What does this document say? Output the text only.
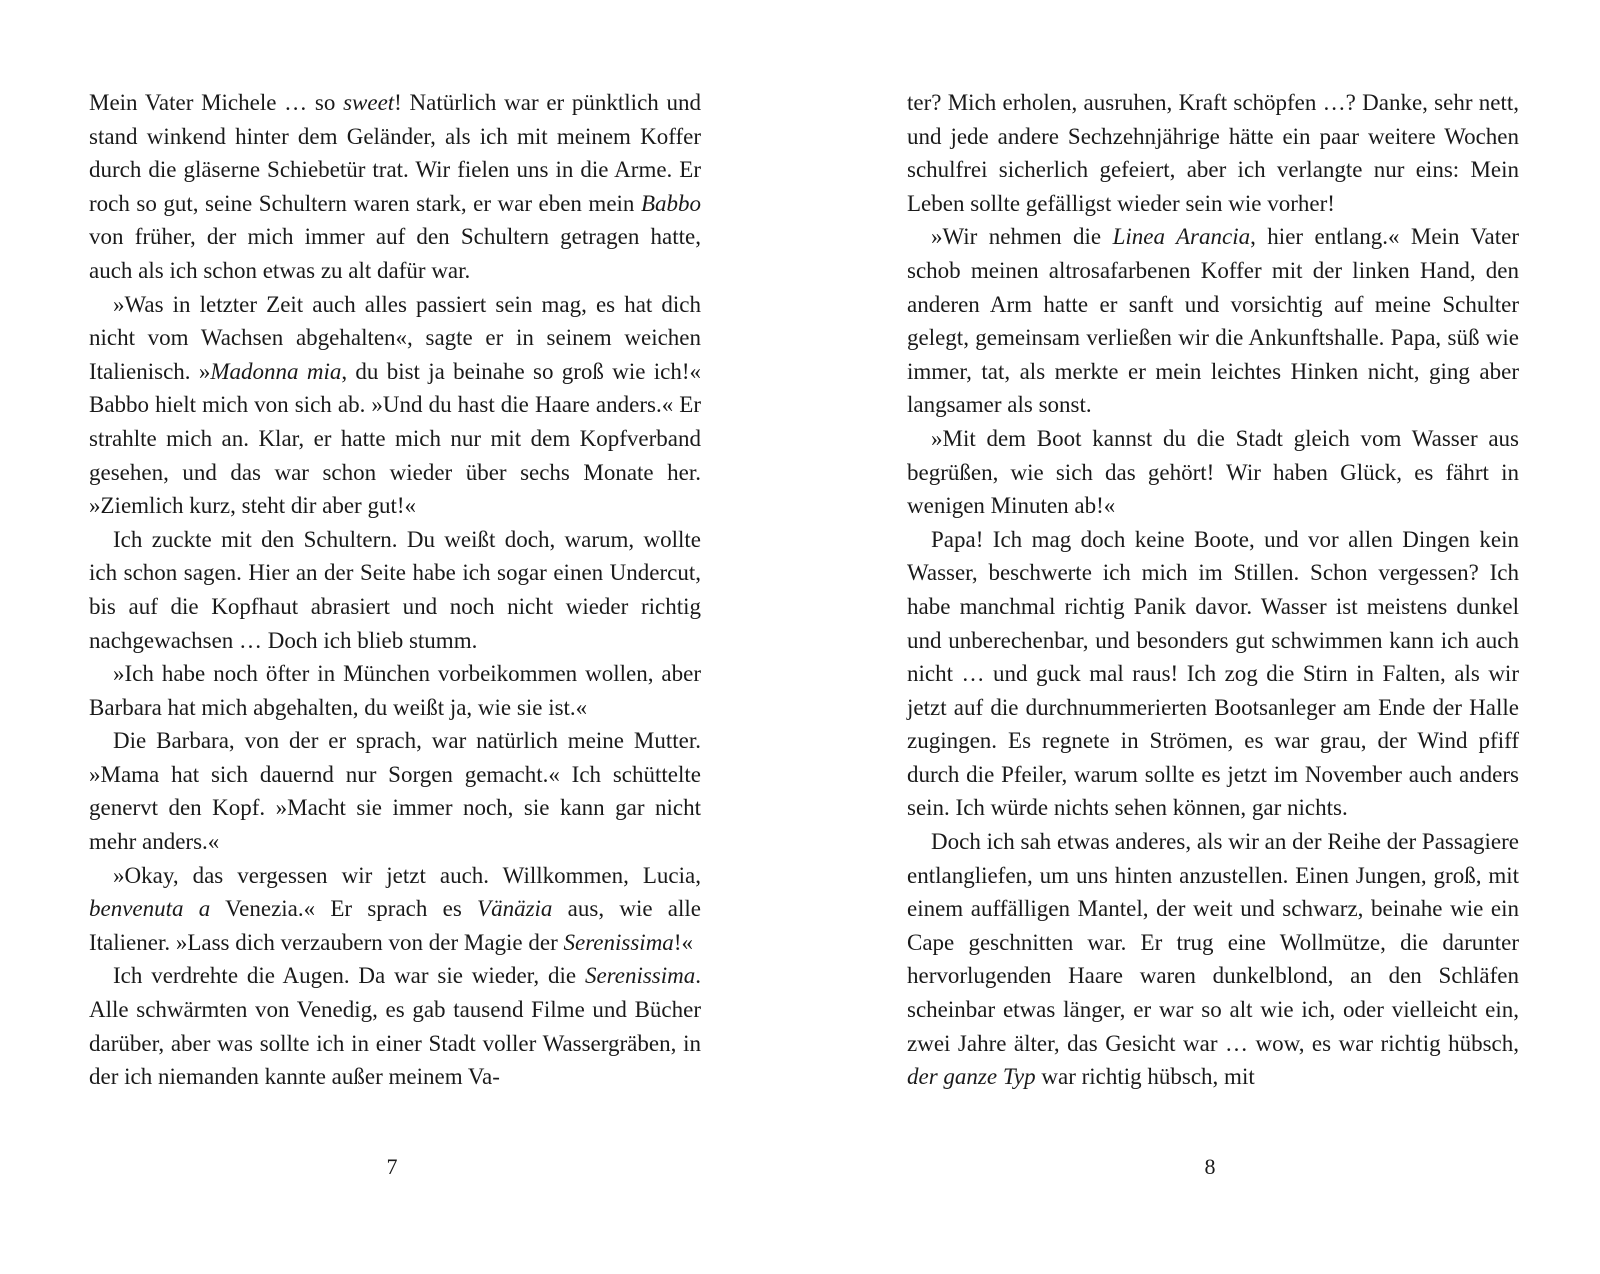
Mein Vater Michele … so sweet! Natürlich war er pünktlich und stand winkend hinter dem Geländer, als ich mit meinem Koffer durch die gläserne Schiebetür trat. Wir fielen uns in die Arme. Er roch so gut, seine Schultern waren stark, er war eben mein Babbo von früher, der mich immer auf den Schultern getragen hatte, auch als ich schon etwas zu alt dafür war.

»Was in letzter Zeit auch alles passiert sein mag, es hat dich nicht vom Wachsen abgehalten«, sagte er in seinem weichen Italienisch. »Madonna mia, du bist ja beinahe so groß wie ich!« Babbo hielt mich von sich ab. »Und du hast die Haare anders.« Er strahlte mich an. Klar, er hatte mich nur mit dem Kopfverband gesehen, und das war schon wieder über sechs Monate her. »Ziemlich kurz, steht dir aber gut!«

Ich zuckte mit den Schultern. Du weißt doch, warum, wollte ich schon sagen. Hier an der Seite habe ich sogar einen Undercut, bis auf die Kopfhaut abrasiert und noch nicht wieder richtig nachgewachsen … Doch ich blieb stumm.

»Ich habe noch öfter in München vorbeikommen wollen, aber Barbara hat mich abgehalten, du weißt ja, wie sie ist.«

Die Barbara, von der er sprach, war natürlich meine Mutter. »Mama hat sich dauernd nur Sorgen gemacht.« Ich schüttelte genervt den Kopf. »Macht sie immer noch, sie kann gar nicht mehr anders.«

»Okay, das vergessen wir jetzt auch. Willkommen, Lucia, benvenuta a Venezia.« Er sprach es Vänäzia aus, wie alle Italiener. »Lass dich verzaubern von der Magie der Serenissima!«

Ich verdrehte die Augen. Da war sie wieder, die Serenissima. Alle schwärmten von Venedig, es gab tausend Filme und Bücher darüber, aber was sollte ich in einer Stadt voller Wassergräben, in der ich niemanden kannte außer meinem Va-

7

ter? Mich erholen, ausruhen, Kraft schöpfen …? Danke, sehr nett, und jede andere Sechzehnjährige hätte ein paar weitere Wochen schulfrei sicherlich gefeiert, aber ich verlangte nur eins: Mein Leben sollte gefälligst wieder sein wie vorher!

»Wir nehmen die Linea Arancia, hier entlang.« Mein Vater schob meinen altrosafarbenen Koffer mit der linken Hand, den anderen Arm hatte er sanft und vorsichtig auf meine Schulter gelegt, gemeinsam verließen wir die Ankunftshalle. Papa, süß wie immer, tat, als merkte er mein leichtes Hinken nicht, ging aber langsamer als sonst.

»Mit dem Boot kannst du die Stadt gleich vom Wasser aus begrüßen, wie sich das gehört! Wir haben Glück, es fährt in wenigen Minuten ab!«

Papa! Ich mag doch keine Boote, und vor allen Dingen kein Wasser, beschwerte ich mich im Stillen. Schon vergessen? Ich habe manchmal richtig Panik davor. Wasser ist meistens dunkel und unberechenbar, und besonders gut schwimmen kann ich auch nicht … und guck mal raus! Ich zog die Stirn in Falten, als wir jetzt auf die durchnummerierten Bootsanleger am Ende der Halle zugingen. Es regnete in Strömen, es war grau, der Wind pfiff durch die Pfeiler, warum sollte es jetzt im November auch anders sein. Ich würde nichts sehen können, gar nichts.

Doch ich sah etwas anderes, als wir an der Reihe der Passagiere entlangliefen, um uns hinten anzustellen. Einen Jungen, groß, mit einem auffälligen Mantel, der weit und schwarz, beinahe wie ein Cape geschnitten war. Er trug eine Wollmütze, die darunter hervorlugenden Haare waren dunkelblond, an den Schläfen scheinbar etwas länger, er war so alt wie ich, oder vielleicht ein, zwei Jahre älter, das Gesicht war … wow, es war richtig hübsch, der ganze Typ war richtig hübsch, mit

8
